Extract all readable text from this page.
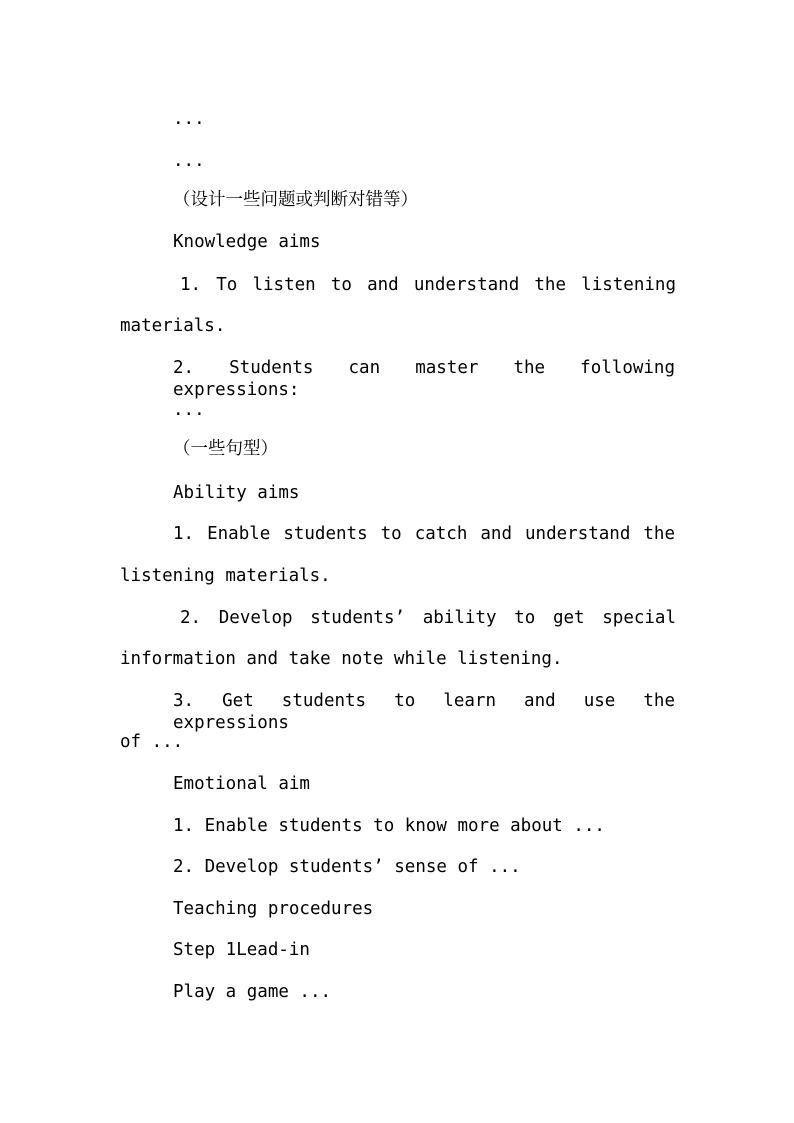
...
...
（设计一些问题或判断对错等）
Knowledge aims
1. To listen to and understand the listening
materials.
2. Students can master the following expressions:
...
（一些句型）
Ability aims
1. Enable students to catch and understand the
listening materials.
2. Develop students’ ability to get special
information and take note while listening.
3. Get students to learn and use the expressions
of ...
Emotional aim
1. Enable students to know more about ...
2. Develop students’ sense of ...
Teaching procedures
Step 1Lead-in
Play a game ...
